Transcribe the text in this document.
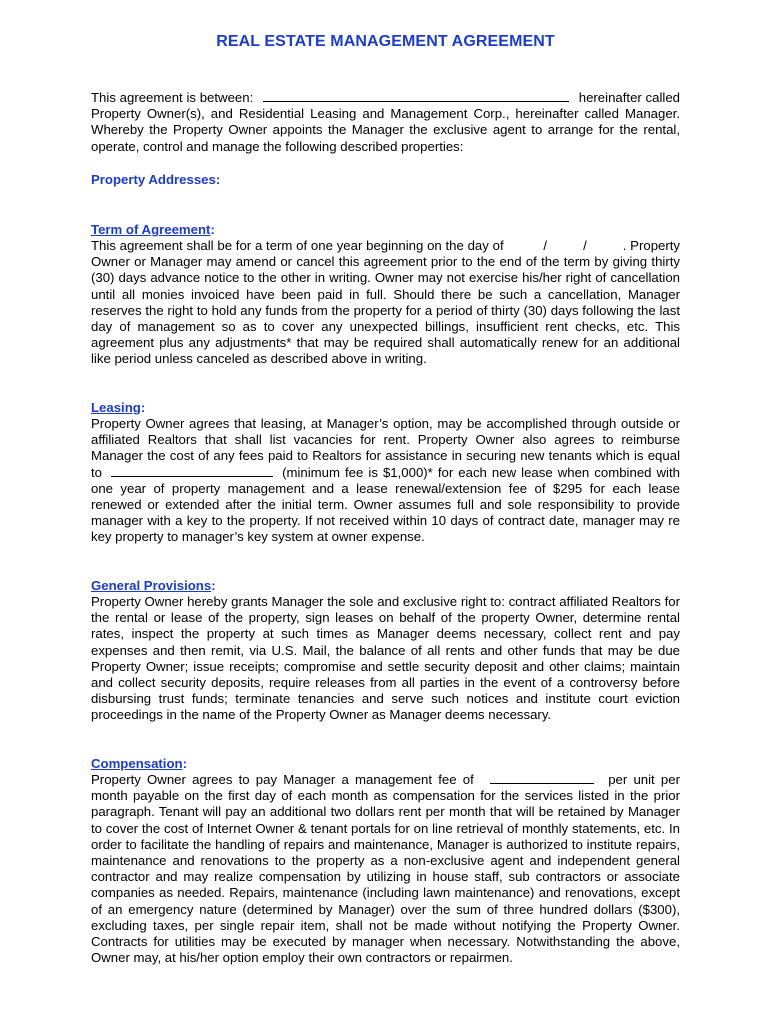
REAL ESTATE MANAGEMENT AGREEMENT

This agreement is between:	hereinafter called Property Owner(s), and Residential Leasing and Management Corp., hereinafter called Manager. Whereby the Property Owner appoints the Manager the exclusive agent to arrange for the rental, operate, control and manage the following described properties:

Property Addresses:

Term of Agreement:

This agreement shall be for a term of one year beginning on the day of	/	/	. Property Owner or Manager may amend or cancel this agreement prior to the end of the term by giving thirty (30) days advance notice to the other in writing. Owner may not exercise his/her right of cancellation until all monies invoiced have been paid in full. Should there be such a cancellation, Manager reserves the right to hold any funds from the property for a period of thirty (30) days following the last day of management so as to cover any unexpected billings, insufficient rent checks, etc. This agreement plus any adjustments* that may be required shall automatically renew for an additional like period unless canceled as described above in writing.

Leasing:

Property Owner agrees that leasing, at Manager’s option, may be accomplished through outside or affiliated Realtors that shall list vacancies for rent. Property Owner also agrees to reimburse Manager the cost of any fees paid to Realtors for assistance in securing new tenants which is equal to	(minimum fee is $1,000)* for each new lease when combined with one year of property management and a lease renewal/extension fee of $295 for each lease renewed or extended after the initial term. Owner assumes full and sole responsibility to provide manager with a key to the property. If not received within 10 days of contract date, manager may re key property to manager’s key system at owner expense.

General Provisions:

Property Owner hereby grants Manager the sole and exclusive right to: contract affiliated Realtors for the rental or lease of the property, sign leases on behalf of the property Owner, determine rental rates, inspect the property at such times as Manager deems necessary, collect rent and pay expenses and then remit, via U.S. Mail, the balance of all rents and other funds that may be due Property Owner; issue receipts; compromise and settle security deposit and other claims; maintain and collect security deposits, require releases from all parties in the event of a controversy before disbursing trust funds; terminate tenancies and serve such notices and institute court eviction proceedings in the name of the Property Owner as Manager deems necessary.

Compensation:

Property Owner agrees to pay Manager a management fee of	per unit per month payable on the first day of each month as compensation for the services listed in the prior paragraph. Tenant will pay an additional two dollars rent per month that will be retained by Manager to cover the cost of Internet Owner & tenant portals for on line retrieval of monthly statements, etc. In order to facilitate the handling of repairs and maintenance, Manager is authorized to institute repairs, maintenance and renovations to the property as a non-exclusive agent and independent general contractor and may realize compensation by utilizing in house staff, sub contractors or associate companies as needed. Repairs, maintenance (including lawn maintenance) and renovations, except of an emergency nature (determined by Manager) over the sum of three hundred dollars ($300), excluding taxes, per single repair item, shall not be made without notifying the Property Owner. Contracts for utilities may be executed by manager when necessary. Notwithstanding the above, Owner may, at his/her option employ their own contractors or repairmen.
